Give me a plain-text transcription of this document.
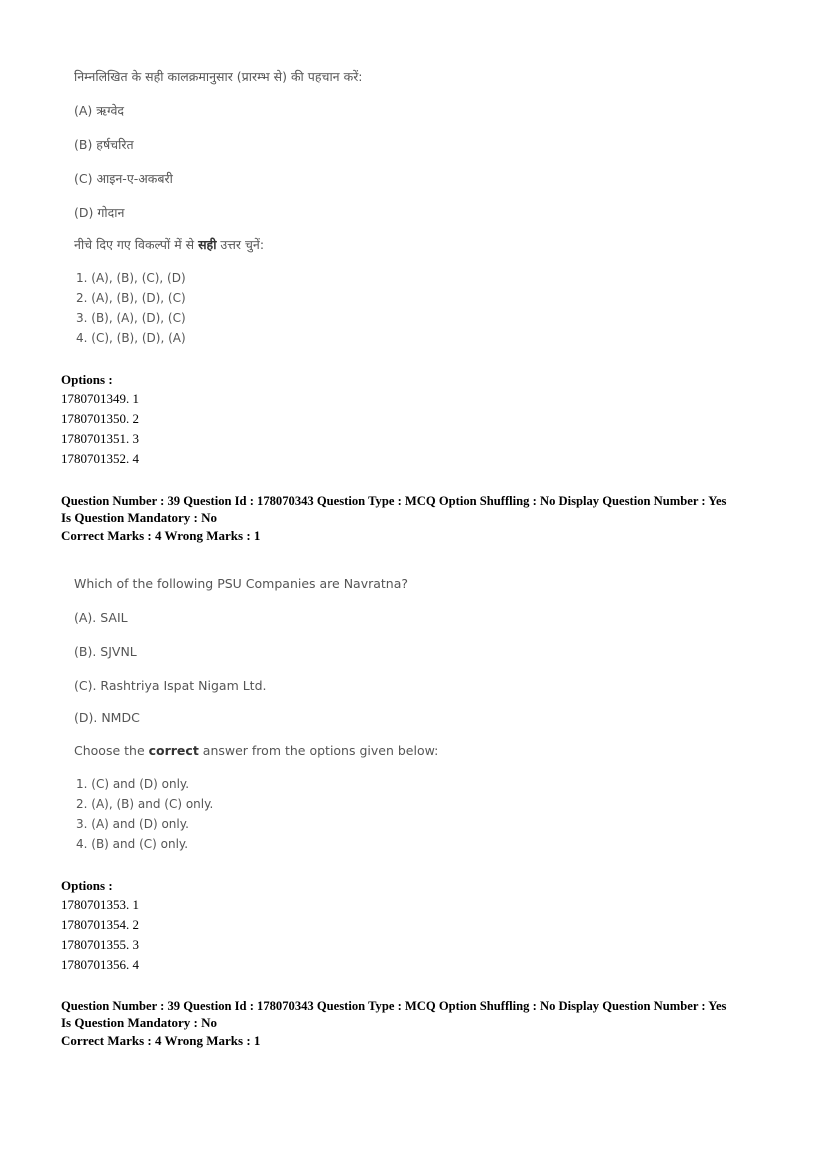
निम्नलिखित के सही कालक्रमानुसार (प्रारम्भ से) की पहचान करें:
(A) ऋग्वेद
(B) हर्षचरित
(C) आइन-ए-अकबरी
(D) गोदान
नीचे दिए गए विकल्पों में से सही उत्तर चुनें:
1. (A), (B), (C), (D)
2. (A), (B), (D), (C)
3. (B), (A), (D), (C)
4. (C), (B), (D), (A)
Options :
1780701349. 1
1780701350. 2
1780701351. 3
1780701352. 4
Question Number : 39 Question Id : 178070343 Question Type : MCQ Option Shuffling : No Display Question Number : Yes
Is Question Mandatory : No
Correct Marks : 4 Wrong Marks : 1
Which of the following PSU Companies are Navratna?
(A). SAIL
(B). SJVNL
(C). Rashtriya Ispat Nigam Ltd.
(D). NMDC
Choose the correct answer from the options given below:
1. (C) and (D) only.
2. (A), (B) and (C) only.
3. (A) and (D) only.
4. (B) and (C) only.
Options :
1780701353. 1
1780701354. 2
1780701355. 3
1780701356. 4
Question Number : 39 Question Id : 178070343 Question Type : MCQ Option Shuffling : No Display Question Number : Yes
Is Question Mandatory : No
Correct Marks : 4 Wrong Marks : 1
